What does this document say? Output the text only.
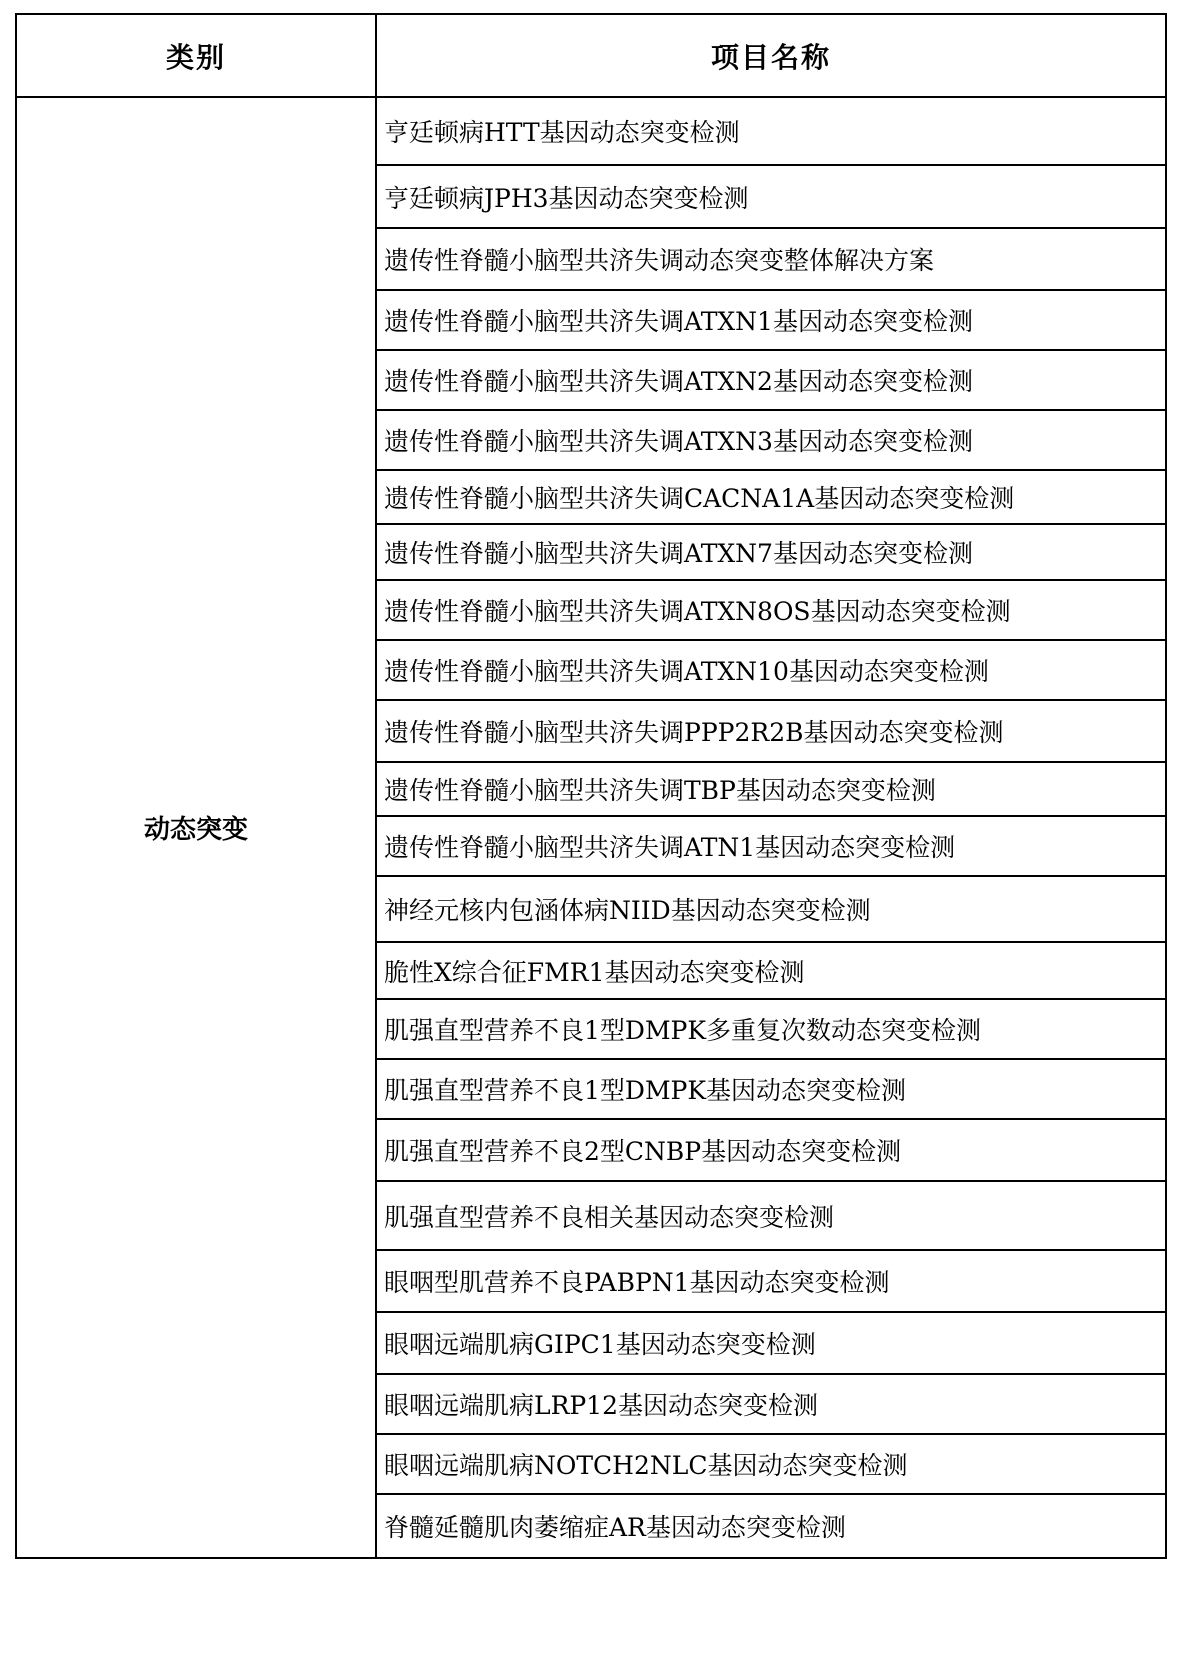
类别	项目名称
动态突变	亨廷顿病HTT基因动态突变检测
	亨廷顿病JPH3基因动态突变检测
	遗传性脊髓小脑型共济失调动态突变整体解决方案
	遗传性脊髓小脑型共济失调ATXN1基因动态突变检测
	遗传性脊髓小脑型共济失调ATXN2基因动态突变检测
	遗传性脊髓小脑型共济失调ATXN3基因动态突变检测
	遗传性脊髓小脑型共济失调CACNA1A基因动态突变检测
	遗传性脊髓小脑型共济失调ATXN7基因动态突变检测
	遗传性脊髓小脑型共济失调ATXN8OS基因动态突变检测
	遗传性脊髓小脑型共济失调ATXN10基因动态突变检测
	遗传性脊髓小脑型共济失调PPP2R2B基因动态突变检测
	遗传性脊髓小脑型共济失调TBP基因动态突变检测
	遗传性脊髓小脑型共济失调ATN1基因动态突变检测
	神经元核内包涵体病NIID基因动态突变检测
	脆性X综合征FMR1基因动态突变检测
	肌强直型营养不良1型DMPK多重复次数动态突变检测
	肌强直型营养不良1型DMPK基因动态突变检测
	肌强直型营养不良2型CNBP基因动态突变检测
	肌强直型营养不良相关基因动态突变检测
	眼咽型肌营养不良PABPN1基因动态突变检测
	眼咽远端肌病GIPC1基因动态突变检测
	眼咽远端肌病LRP12基因动态突变检测
	眼咽远端肌病NOTCH2NLC基因动态突变检测
	脊髓延髓肌肉萎缩症AR基因动态突变检测
